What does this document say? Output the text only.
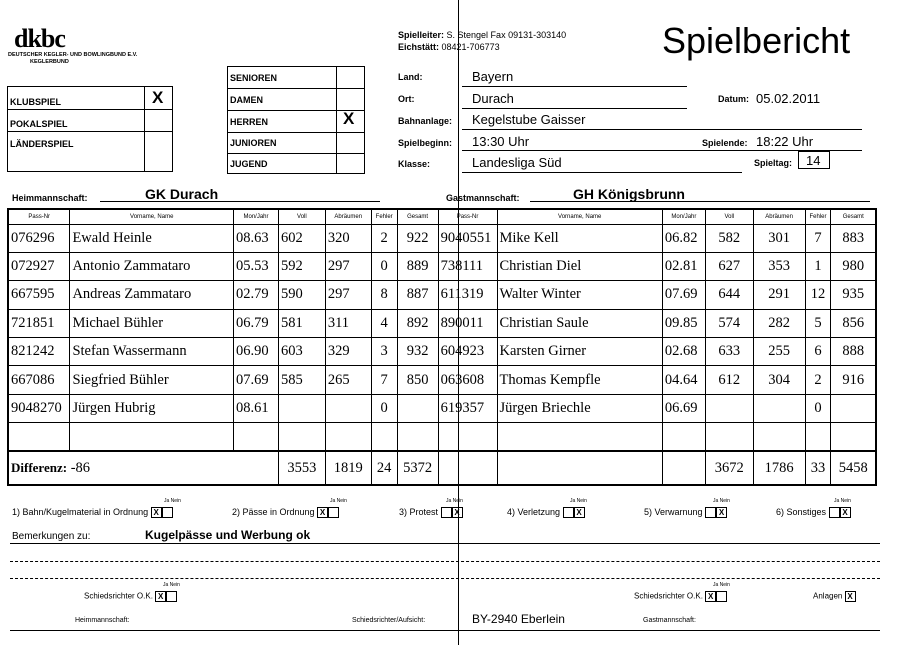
dkbc
DEUTSCHER KEGLER- UND BOWLINGBUND E.V.
KEGLERBUND
Spielleiter: S. Stengel Fax 09131-303140
Eichstätt: 08421-706773	Spielbericht
KLUBSPIEL
POKALSPIEL
LÄNDERSPIEL
X
SENIOREN
DAMEN
HERREN
JUNIOREN
JUGEND
X
Land:	Bayern
Ort:	Durach	Datum: 05.02.2011
Bahnanlage: Kegelstube Gaisser
Spielbeginn: 13:30 Uhr	Spielende: 18:22 Uhr
Klasse:	Landesliga Süd	Spieltag: 14
Heimmannschaft:	GK Durach	Gastmannschaft:	GH Königsbrunn
Pass-Nr	Vorname, Name	Mon/Jahr	Voll	Abräumen	Fehler	Gesamt	Pass-Nr	Vorname, Name	Mon/Jahr	Voll	Abräumen	Fehler	Gesamt
076296	Ewald Heinle	08.63	602	320	2	922	9040551	Mike Kell	06.82	582	301	7	883
072927	Antonio Zammataro	05.53	592	297	0	889	738111	Christian Diel	02.81	627	353	1	980
667595	Andreas Zammataro	02.79	590	297	8	887	611319	Walter Winter	07.69	644	291	12	935
721851	Michael Bühler	06.79	581	311	4	892	890011	Christian Saule	09.85	574	282	5	856
821242	Stefan Wassermann	06.90	603	329	3	932	604923	Karsten Girner	02.68	633	255	6	888
667086	Siegfried Bühler	07.69	585	265	7	850	063608	Thomas Kempfle	04.64	612	304	2	916
9048270	Jürgen Hubrig	08.61			0		619357	Jürgen Briechle	06.69			0	

Differenz: -86			3553	1819	24	5372				3672	1786	33	5458
Ja Nein
1) Bahn/Kugelmaterial in Ordnung X
Ja Nein
2) Pässe in Ordnung X
Ja Nein
3) Protest X
Ja Nein
4) Verletzung X
Ja Nein
5) Verwarnung X
Ja Nein
6) Sonstiges X
Bemerkungen zu:	Kugelpässe und Werbung ok
Ja Nein
Schiedsrichter O.K. X
Ja Nein
Schiedsrichter O.K. X	Anlagen X
Heimmannschaft:	Schiedsrichter/Aufsicht:	BY-2940 Eberlein	Gastmannschaft:
